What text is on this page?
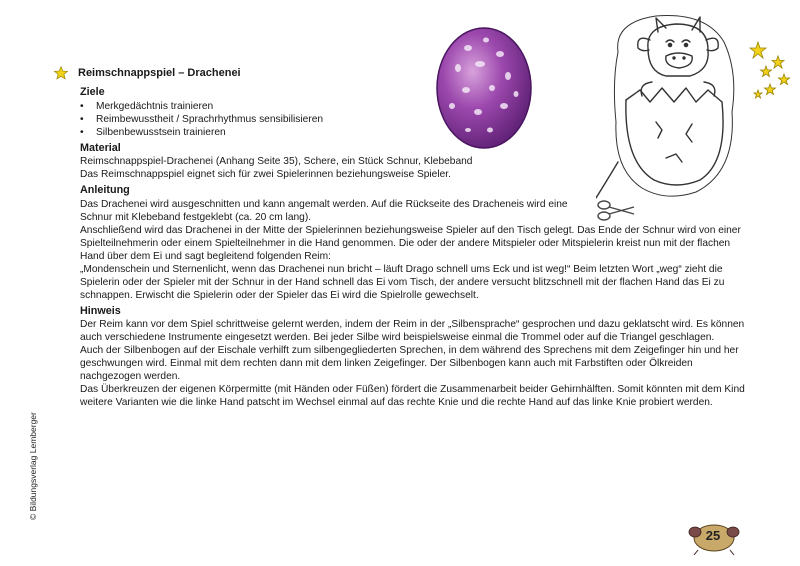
Reimschnappspiel – Drachenei
Ziele
• Merkgedächtnis trainieren
• Reimbewusstheit / Sprachrhythmus sensibilisieren
• Silbenbewusstsein trainieren
Material

Reimschnappspiel-Drachenei (Anhang Seite 35), Schere, ein Stück Schnur, Klebeband

Das Reimschnappspiel eignet sich für zwei Spielerinnen beziehungsweise Spieler.

Anleitung

Das Drachenei wird ausgeschnitten und kann angemalt werden. Auf die Rückseite des Dracheneis wird eine Schnur mit Klebeband festgeklebt (ca. 20 cm lang).

Anschließend wird das Drachenei in der Mitte der Spielerinnen beziehungsweise Spieler auf den Tisch gelegt. Das Ende der Schnur wird von einer Spielteilnehmerin oder einem Spielteilnehmer in die Hand genommen. Die oder der andere Mitspieler oder Mitspielerin kreist nun mit der flachen Hand über dem Ei und sagt begleitend folgenden Reim:

„Mondenschein und Sternenlicht, wenn das Drachenei nun bricht – läuft Drago schnell ums Eck und ist weg!“ Beim letzten Wort „weg“ zieht die Spielerin oder der Spieler mit der Schnur in der Hand schnell das Ei vom Tisch, der andere versucht blitzschnell mit der flachen Hand das Ei zu schnappen. Erwischt die Spielerin oder der Spieler das Ei wird die Spielrolle gewechselt.

Hinweis

Der Reim kann vor dem Spiel schrittweise gelernt werden, indem der Reim in der „Silbensprache“ gesprochen und dazu geklatscht wird. Es können auch verschiedene Instrumente eingesetzt werden. Bei jeder Silbe wird beispielsweise einmal die Trommel oder auf die Triangel geschlagen.

Auch der Silbenbogen auf der Eischale verhilft zum silbengegliederten Sprechen, in dem während des Sprechens mit dem Zeigefinger hin und her geschwungen wird. Einmal mit dem rechten dann mit dem linken Zeigefinger. Der Silbenbogen kann auch mit Farbstiften oder Ölkreiden nachgezogen werden.

Das Überkreuzen der eigenen Körpermitte (mit Händen oder Füßen) fördert die Zusammenarbeit beider Gehirnhälften. Somit könnten mit dem Kind weitere Varianten wie die linke Hand patscht im Wechsel einmal auf das rechte Knie und die rechte Hand auf das linke Knie probiert werden.

© Bildungsverlag Lemberger
25
